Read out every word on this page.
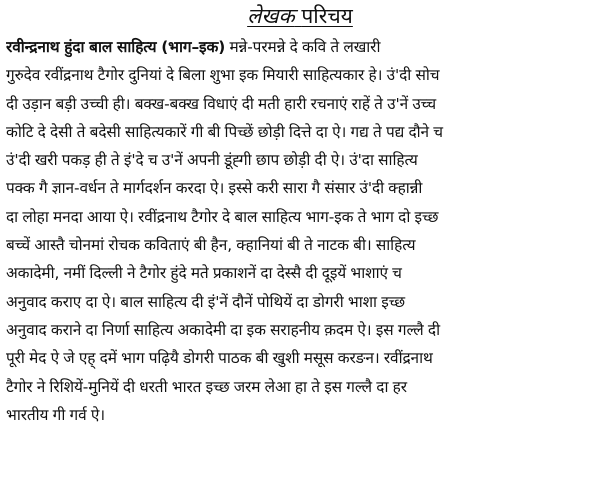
लेखक परिचय
रवीन्द्रनाथ हुंदा बाल साहित्य (भाग–इक) मन्ने-परमन्ने दे कवि ते लखारी
गुरुदेव रवींद्रनाथ टैगोर दुनियां दे बिला शुभा इक मियारी साहित्यकार हे। उं'दी सोच
दी उड़ान बड़ी उच्ची ही। बक्ख-बक्ख विधाएं दी मती हारी रचनाएं राहें ते उ'नें उच्च
कोटि दे देसी ते बदेसी साहित्यकारें गी बी पिच्छें छोड़ी दित्ते दा ऐ। गद्य ते पद्य दौने च
उं'दी खरी पकड़ ही ते इं'दे च उ'नें अपनी डूंह्गी छाप छोड़ी दी ऐ। उं'दा साहित्य
पक्क गै ज्ञान-वर्धन ते मार्गदर्शन करदा ऐ। इस्से करी सारा गै संसार उं'दी क्हान्नी
दा लोहा मनदा आया ऐ। रवींद्रनाथ टैगोर दे बाल साहित्य भाग-इक ते भाग दो इच्छ
बच्चें आस्तै चोनमां रोचक कविताएं बी हैन, क्हानियां बी ते नाटक बी। साहित्य
अकादेमी, नमीं दिल्ली ने टैगोर हुंदे मते प्रकाशनें दा देस्सै दी दूइयें भाशाएं च
अनुवाद कराए दा ऐ। बाल साहित्य दी इं'नें दौनें पोथियें दा डोगरी भाशा इच्छ
अनुवाद कराने दा निर्णा साहित्य अकादेमी दा इक सराहनीय क़दम ऐ। इस गल्लै दी
पूरी मेद ऐ जे एह् दमें भाग पढ़ियै डोगरी पाठक बी खुशी मसूस करङन। रवींद्रनाथ
टैगोर ने रिशियें-मुनियें दी धरती भारत इच्छ जरम लेआ हा ते इस गल्लै दा हर
भारतीय गी गर्व ऐ।
